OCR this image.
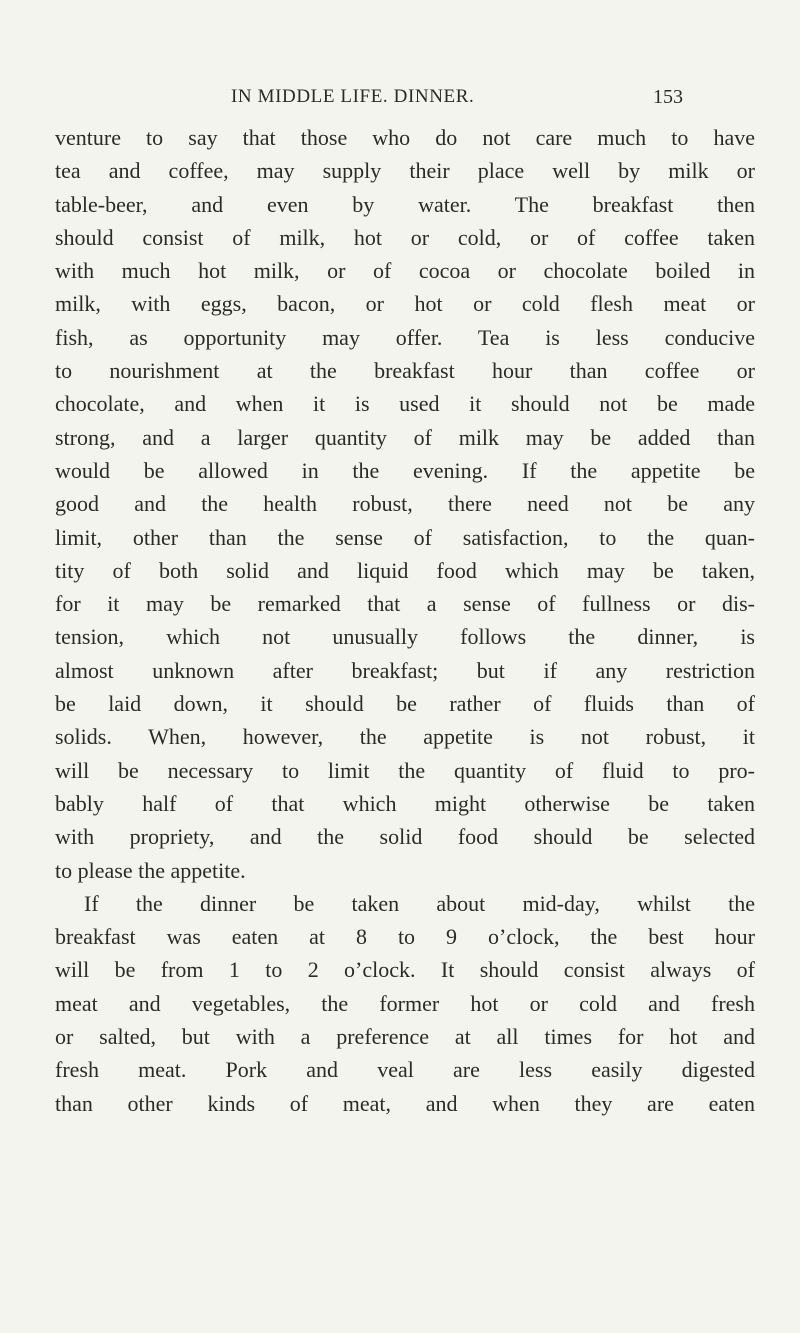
IN MIDDLE LIFE. DINNER.	153
venture to say that those who do not care much to have
tea and coffee, may supply their place well by milk or
table-beer, and even by water. The breakfast then
should consist of milk, hot or cold, or of coffee taken
with much hot milk, or of cocoa or chocolate boiled in
milk, with eggs, bacon, or hot or cold flesh meat or
fish, as opportunity may offer. Tea is less conducive
to nourishment at the breakfast hour than coffee or
chocolate, and when it is used it should not be made
strong, and a larger quantity of milk may be added than
would be allowed in the evening. If the appetite be
good and the health robust, there need not be any
limit, other than the sense of satisfaction, to the quan-
tity of both solid and liquid food which may be taken,
for it may be remarked that a sense of fullness or dis-
tension, which not unusually follows the dinner, is
almost unknown after breakfast; but if any restriction
be laid down, it should be rather of fluids than of
solids. When, however, the appetite is not robust, it
will be necessary to limit the quantity of fluid to pro-
bably half of that which might otherwise be taken
with propriety, and the solid food should be selected
to please the appetite.
If the dinner be taken about mid-day, whilst the
breakfast was eaten at 8 to 9 o’clock, the best hour
will be from 1 to 2 o’clock. It should consist always of
meat and vegetables, the former hot or cold and fresh
or salted, but with a preference at all times for hot and
fresh meat. Pork and veal are less easily digested
than other kinds of meat, and when they are eaten
